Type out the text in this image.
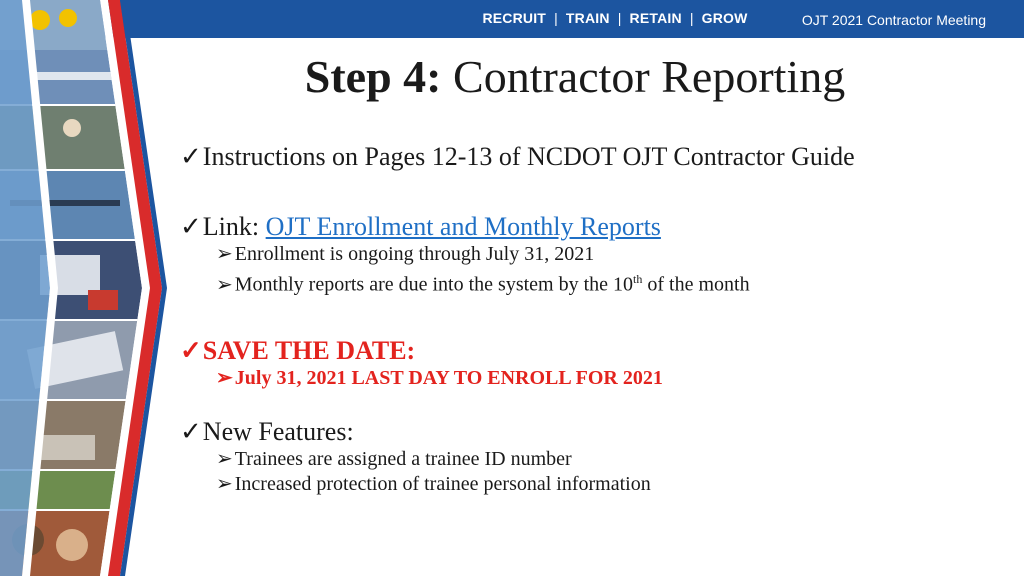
RECRUIT | TRAIN | RETAIN | GROW	OJT 2021 Contractor Meeting
Step 4: Contractor Reporting
✓Instructions on Pages 12-13 of NCDOT OJT Contractor Guide
✓Link: OJT Enrollment and Monthly Reports
➢ Enrollment is ongoing through July 31, 2021
➢ Monthly reports are due into the system by the 10th of the month
✓SAVE THE DATE:
➢ July 31, 2021 LAST DAY TO ENROLL FOR 2021
✓New Features:
➢ Trainees are assigned a trainee ID number
➢ Increased protection of trainee personal information
